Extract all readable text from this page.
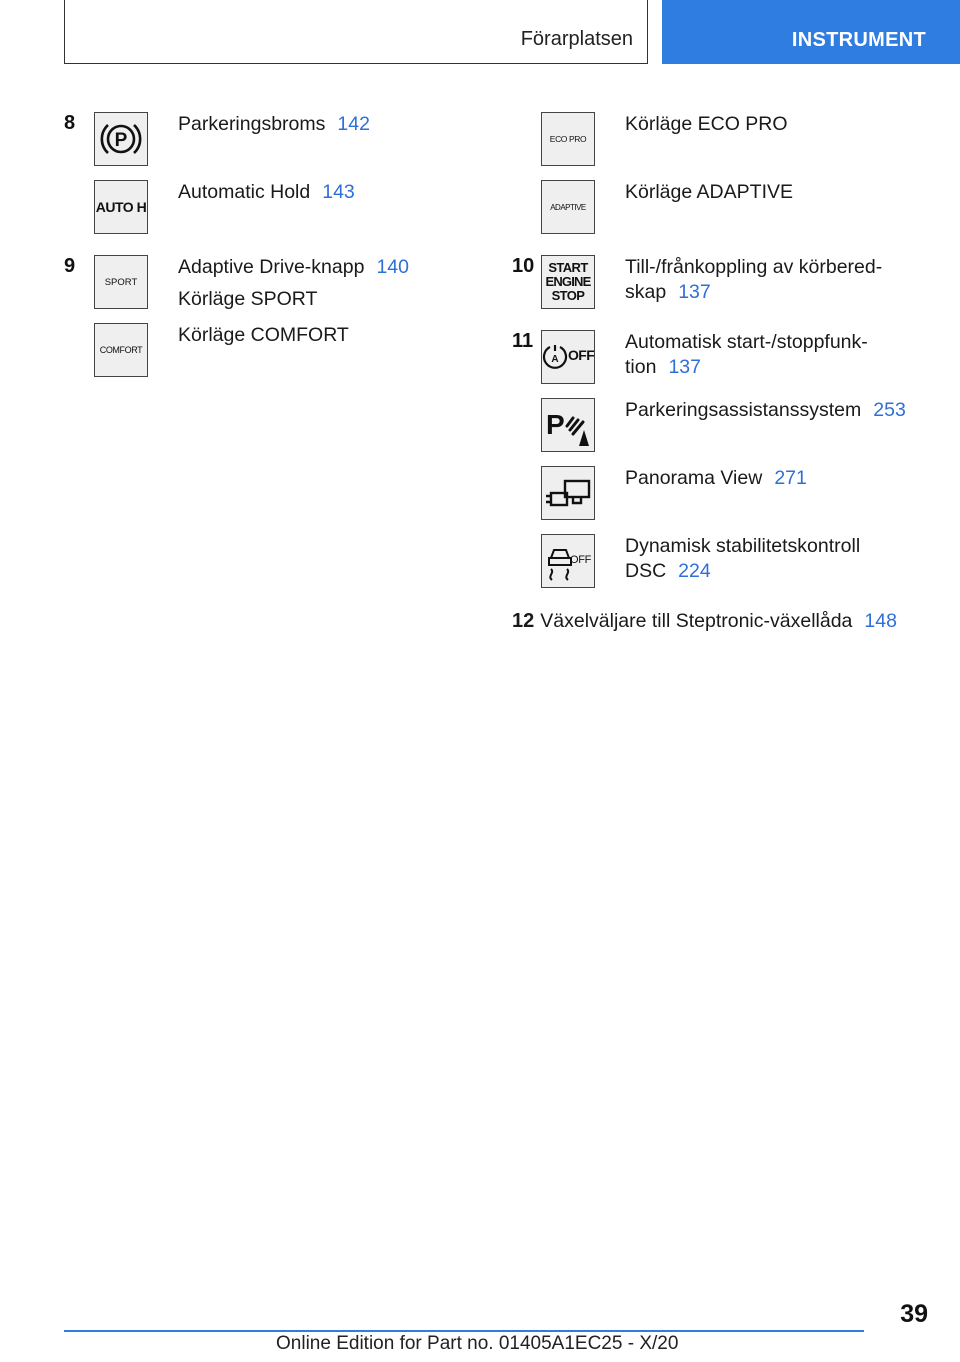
Förarplatsen	INSTRUMENT
8
P
Parkeringsbroms 142
AUTO H
Automatic Hold 143
9
SPORT
Adaptive Drive-knapp 140
Körläge SPORT
COMFORT
Körläge COMFORT
ECO PRO
Körläge ECO PRO
ADAPTIVE
Körläge ADAPTIVE
10 START
ENGINE
STOP
Till-/frånkoppling av körbered-
skap 137
11
A OFF
Automatisk start-/stoppfunk-
tion 137
P	Parkeringsassistanssystem 253
Panorama View 271
OFF
Dynamisk stabilitetskontroll
DSC 224
12 Växelväljare till Steptronic-växellåda 148
39
Online Edition for Part no. 01405A1EC25 - X/20
